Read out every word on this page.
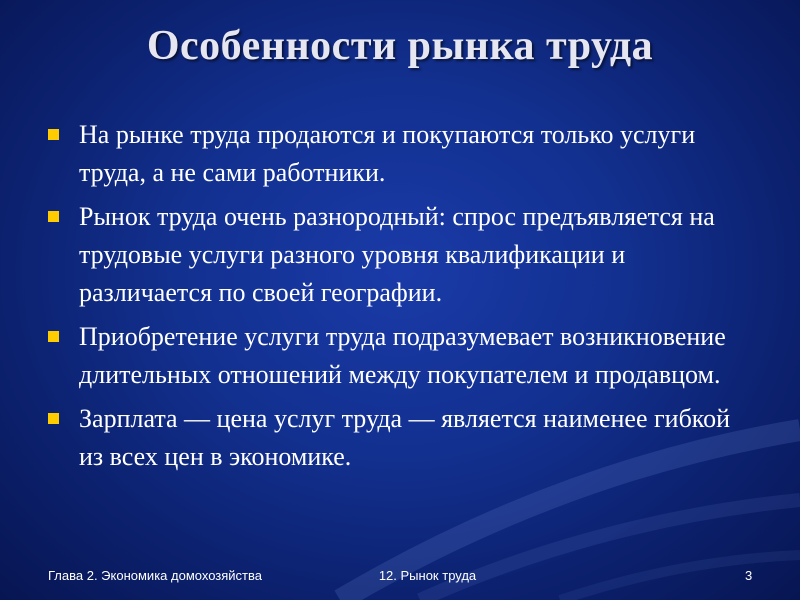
Особенности рынка труда
На рынке труда продаются и покупаются только услуги труда, а не сами работники.
Рынок труда очень разнородный: спрос предъявляется на трудовые услуги разного уровня квалификации и различается по своей географии.
Приобретение услуги труда подразумевает возникновение длительных отношений между покупателем и продавцом.
Зарплата — цена услуг труда — является наименее гибкой из всех цен в экономике.
Глава 2. Экономика домохозяйства	12. Рынок труда	3
